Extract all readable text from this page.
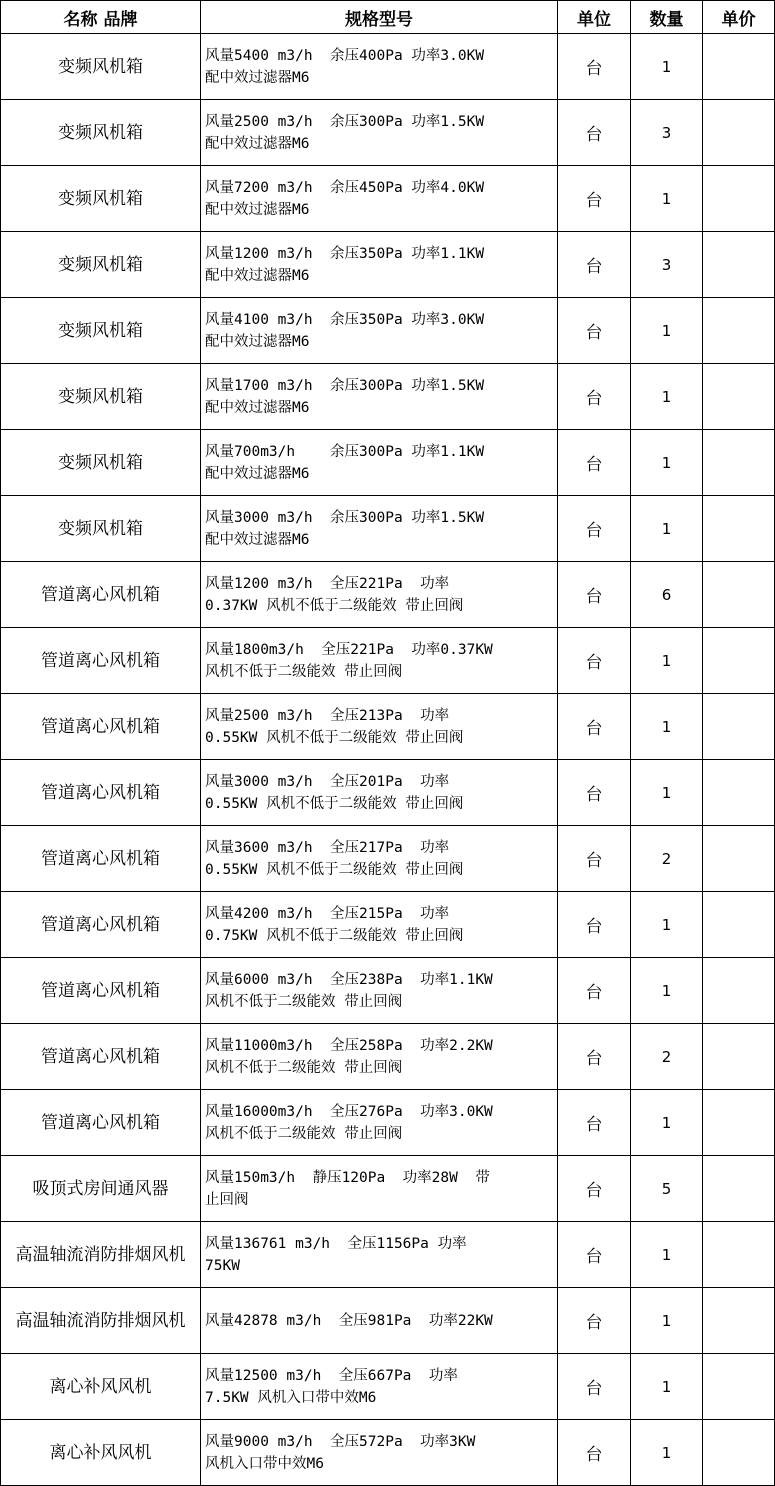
名称 品牌	规格型号	单位	数量	单价
变频风机箱	风量5400 m3/h  余压400Pa 功率3.0KW
配中效过滤器M6	台	1	
变频风机箱	风量2500 m3/h  余压300Pa 功率1.5KW
配中效过滤器M6	台	3	
变频风机箱	风量7200 m3/h  余压450Pa 功率4.0KW
配中效过滤器M6	台	1	
变频风机箱	风量1200 m3/h  余压350Pa 功率1.1KW
配中效过滤器M6	台	3	
变频风机箱	风量4100 m3/h  余压350Pa 功率3.0KW
配中效过滤器M6	台	1	
变频风机箱	风量1700 m3/h  余压300Pa 功率1.5KW
配中效过滤器M6	台	1	
变频风机箱	风量700m3/h    余压300Pa 功率1.1KW
配中效过滤器M6	台	1	
变频风机箱	风量3000 m3/h  余压300Pa 功率1.5KW
配中效过滤器M6	台	1	
管道离心风机箱	风量1200 m3/h  全压221Pa  功率
0.37KW 风机不低于二级能效 带止回阀	台	6	
管道离心风机箱	风量1800m3/h  全压221Pa  功率0.37KW
风机不低于二级能效 带止回阀	台	1	
管道离心风机箱	风量2500 m3/h  全压213Pa  功率
0.55KW 风机不低于二级能效 带止回阀	台	1	
管道离心风机箱	风量3000 m3/h  全压201Pa  功率
0.55KW 风机不低于二级能效 带止回阀	台	1	
管道离心风机箱	风量3600 m3/h  全压217Pa  功率
0.55KW 风机不低于二级能效 带止回阀	台	2	
管道离心风机箱	风量4200 m3/h  全压215Pa  功率
0.75KW 风机不低于二级能效 带止回阀	台	1	
管道离心风机箱	风量6000 m3/h  全压238Pa  功率1.1KW
风机不低于二级能效 带止回阀	台	1	
管道离心风机箱	风量11000m3/h  全压258Pa  功率2.2KW
风机不低于二级能效 带止回阀	台	2	
管道离心风机箱	风量16000m3/h  全压276Pa  功率3.0KW
风机不低于二级能效 带止回阀	台	1	
吸顶式房间通风器	风量150m3/h  静压120Pa  功率28W  带
止回阀	台	5	
高温轴流消防排烟风机	风量136761 m3/h  全压1156Pa 功率
75KW	台	1	
高温轴流消防排烟风机	风量42878 m3/h  全压981Pa  功率22KW	台	1	
离心补风风机	风量12500 m3/h  全压667Pa  功率
7.5KW 风机入口带中效M6	台	1	
离心补风风机	风量9000 m3/h  全压572Pa  功率3KW
风机入口带中效M6	台	1	
